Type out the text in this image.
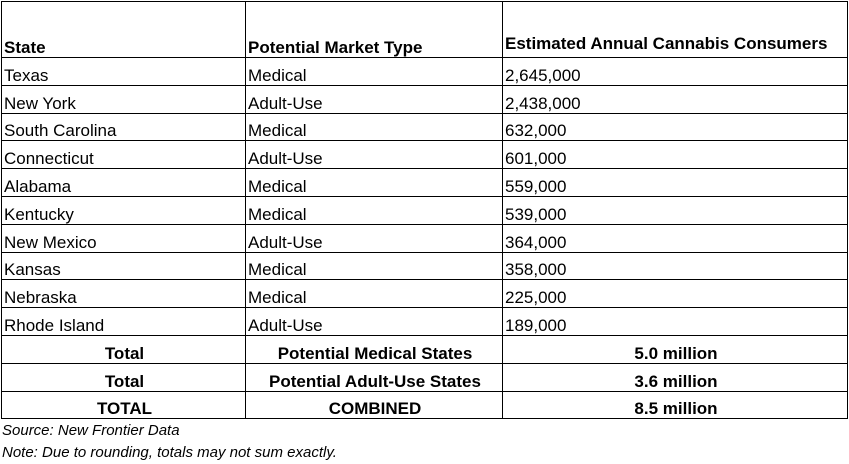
State	Potential Market Type	Estimated Annual Cannabis Consumers
Texas	Medical	2,645,000
New York	Adult-Use	2,438,000
South Carolina	Medical	632,000
Connecticut	Adult-Use	601,000
Alabama	Medical	559,000
Kentucky	Medical	539,000
New Mexico	Adult-Use	364,000
Kansas	Medical	358,000
Nebraska	Medical	225,000
Rhode Island	Adult-Use	189,000
Total	Potential Medical States	5.0 million
Total	Potential Adult-Use States	3.6 million
TOTAL	COMBINED	8.5 million
Source: New Frontier Data
Note: Due to rounding, totals may not sum exactly.
